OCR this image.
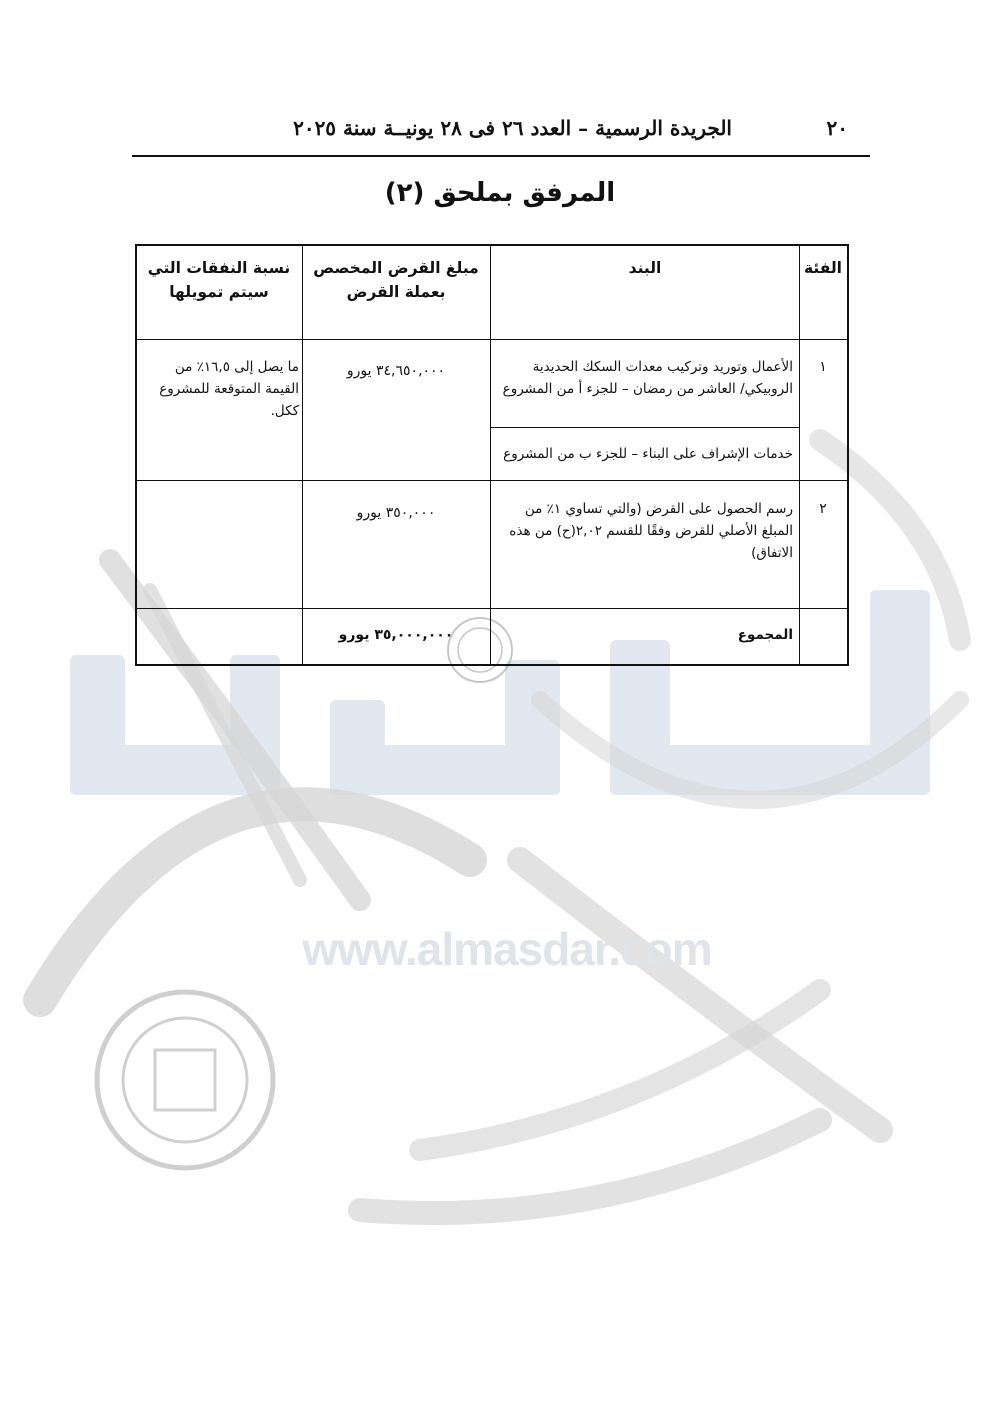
www.almasdar.com
٢٠
الجريدة الرسمية – العدد ٢٦ فى ٢٨ يونيــة سنة ٢٠٢٥
المرفق بملحق (٢)
الفئة
البند
مبلغ القرض المخصص بعملة القرض
نسبة النفقات التي سيتم تمويلها
١
الأعمال وتوريد وتركيب معدات السكك الحديدية الروبيكي/ العاشر من رمضان – للجزء أ من المشروع
خدمات الإشراف على البناء – للجزء ب من المشروع
٣٤,٦٥٠,٠٠٠ يورو
ما يصل إلى ١٦,٥٪ من القيمة المتوقعة للمشروع ككل.
٢
رسم الحصول على القرض (والتي تساوي ١٪ من المبلغ الأصلي للقرض وفقًا للقسم ٢,٠٢(ح) من هذه الاتفاق)
٣٥٠,٠٠٠ يورو
المجموع
٣٥,٠٠٠,٠٠٠ يورو
